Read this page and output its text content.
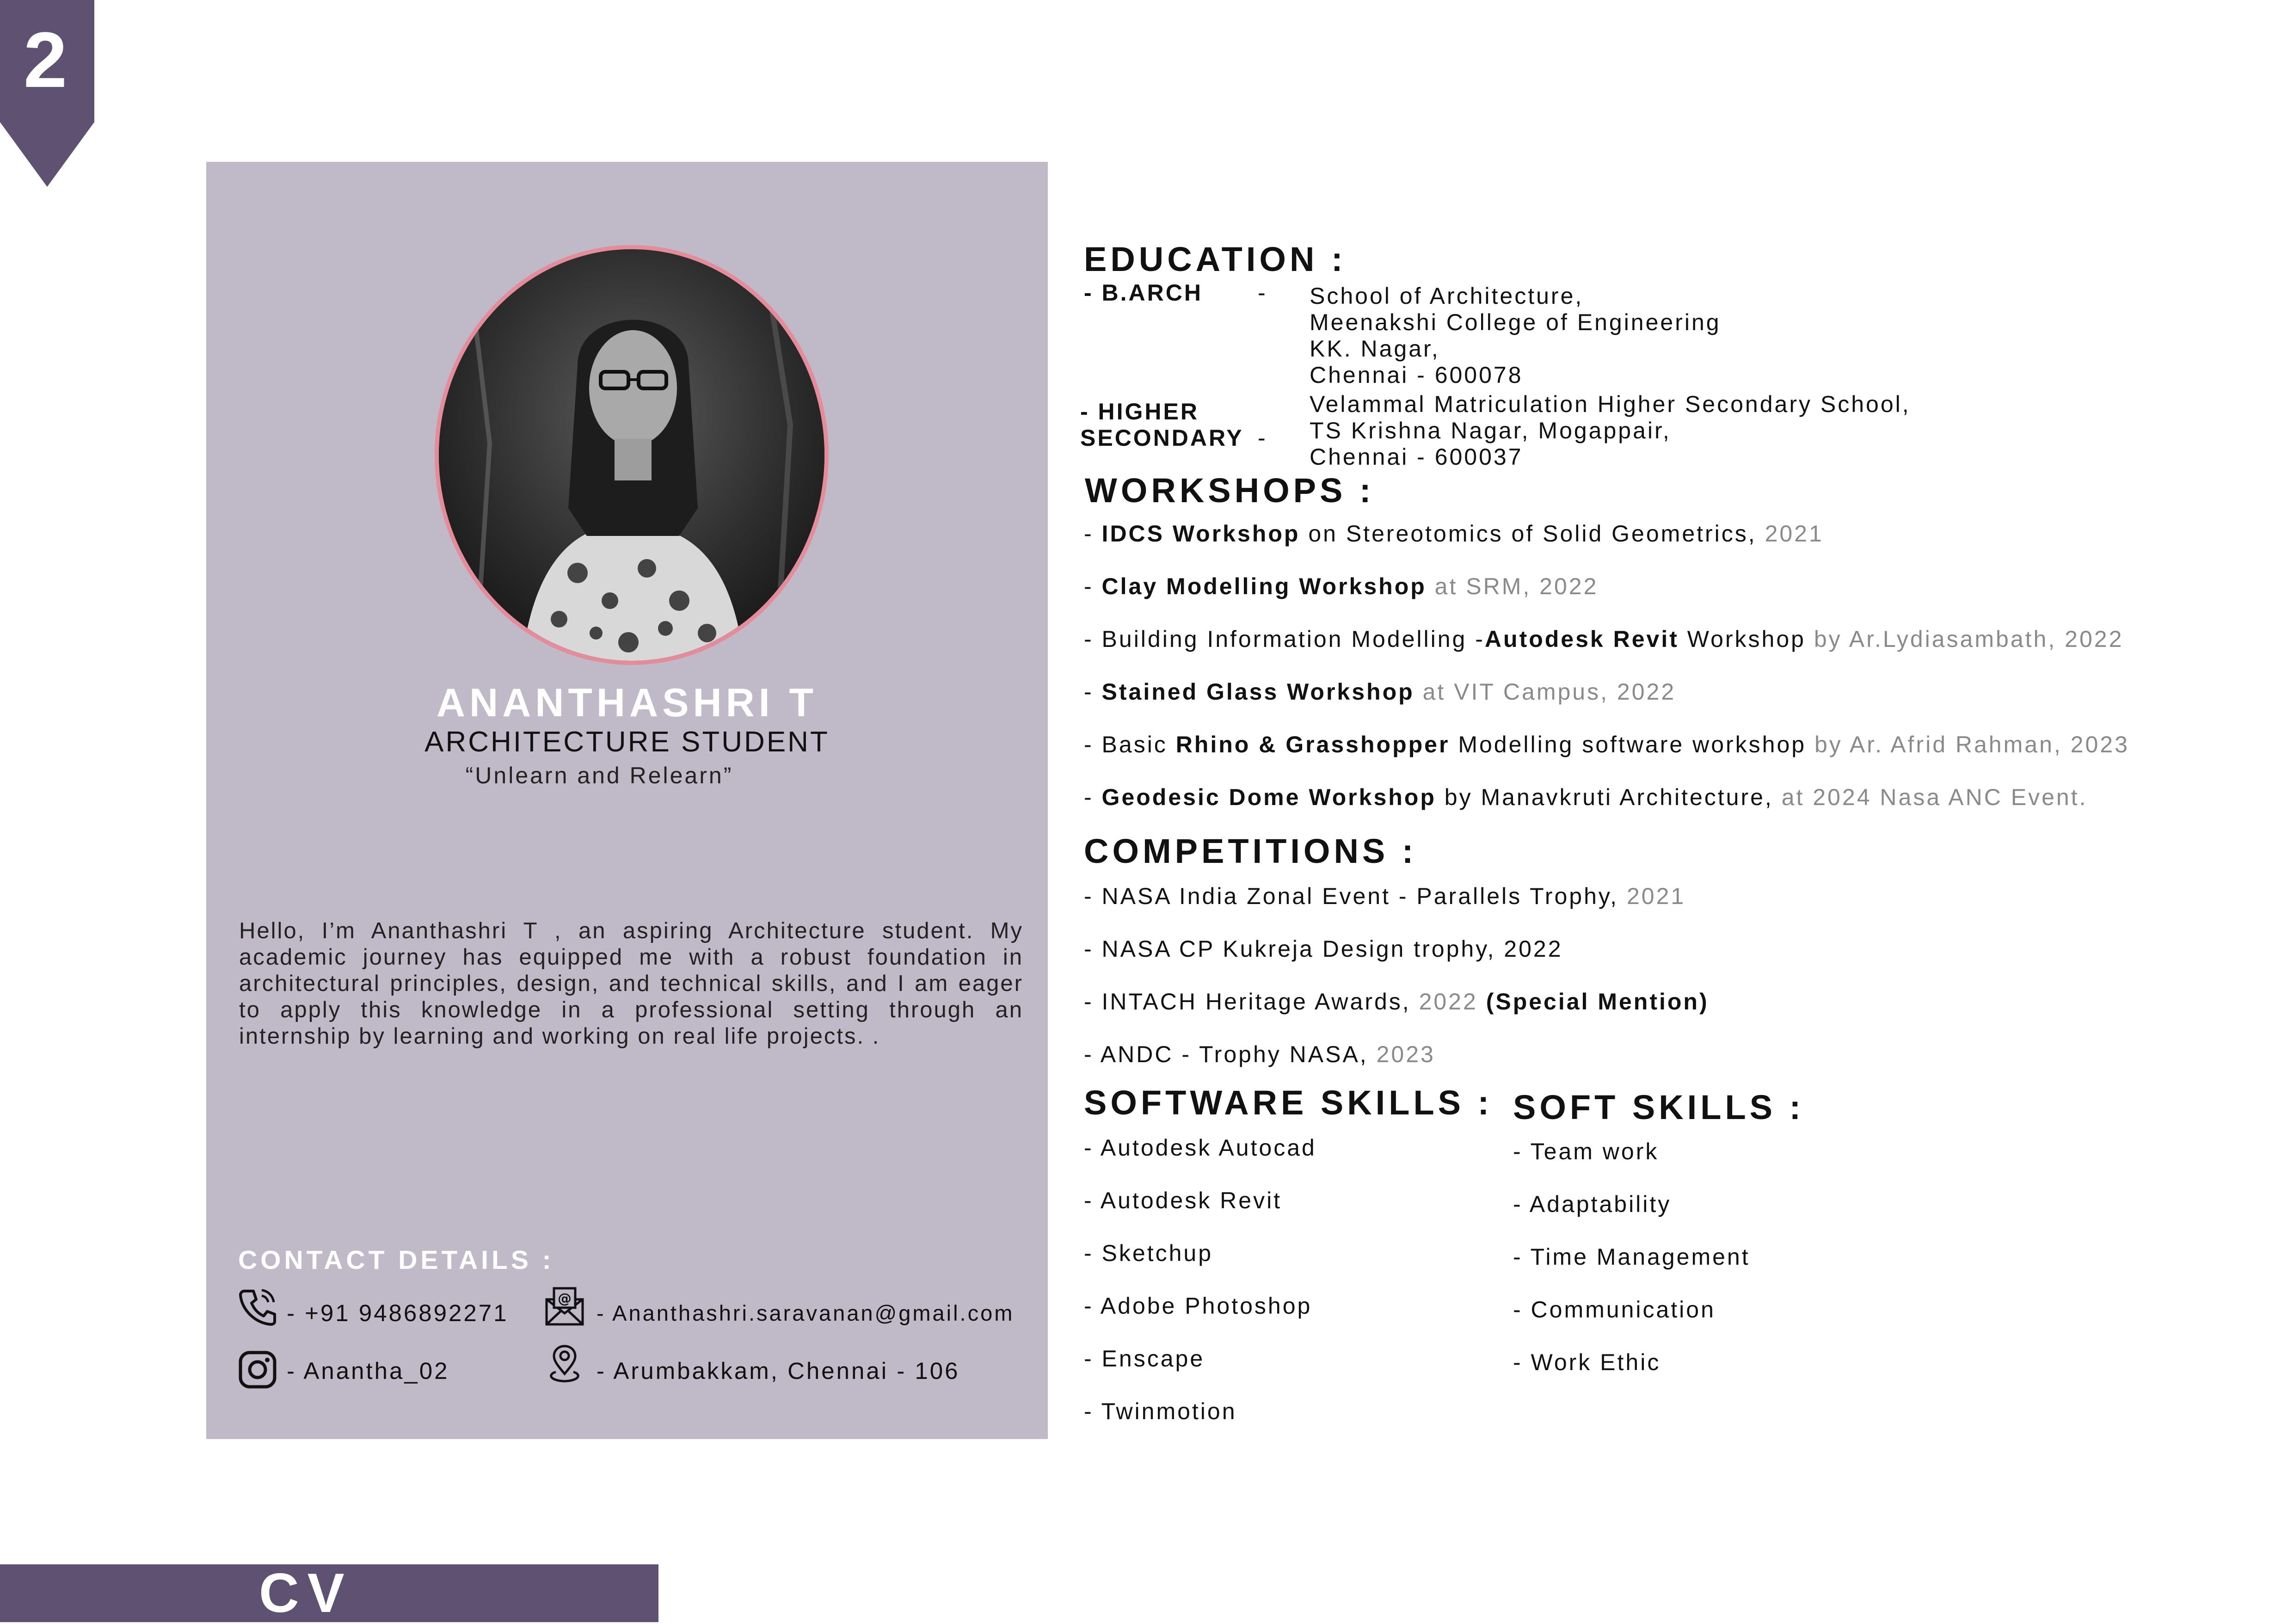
2
CV
ANANTHASHRI T
ARCHITECTURE STUDENT
“Unlearn and Relearn”
Hello, I’m Ananthashri T , an aspiring Architecture student. My academic journey has equipped me with a robust foundation in architectural principles, design, and technical skills, and I am eager to apply this knowledge in a professional setting through an internship by learning and working on real life projects. .
CONTACT DETAILS :
- +91 9486892271
@
- Ananthashri.saravanan@gmail.com
- Anantha_02	- Arumbakkam, Chennai - 106
EDUCATION :
- B.ARCH - School of Architecture,
Meenakshi College of Engineering
KK. Nagar,
Chennai - 600078
- HIGHER
SECONDARY -
Velammal Matriculation Higher Secondary School,
TS Krishna Nagar, Mogappair,
Chennai - 600037
WORKSHOPS :
- IDCS Workshop on Stereotomics of Solid Geometrics, 2021
- Clay Modelling Workshop at SRM, 2022
- Building Information Modelling -Autodesk Revit Workshop by Ar.Lydiasambath, 2022
- Stained Glass Workshop at VIT Campus, 2022
- Basic Rhino & Grasshopper Modelling software workshop by Ar. Afrid Rahman, 2023
- Geodesic Dome Workshop by Manavkruti Architecture, at 2024 Nasa ANC Event.
COMPETITIONS :
- NASA India Zonal Event - Parallels Trophy, 2021
- NASA CP Kukreja Design trophy, 2022
- INTACH Heritage Awards, 2022 (Special Mention)
- ANDC - Trophy NASA, 2023
SOFTWARE SKILLS :
- Autodesk Autocad
- Autodesk Revit
- Sketchup
- Adobe Photoshop
- Enscape
- Twinmotion
SOFT SKILLS :
- Team work
- Adaptability
- Time Management
- Communication
- Work Ethic
